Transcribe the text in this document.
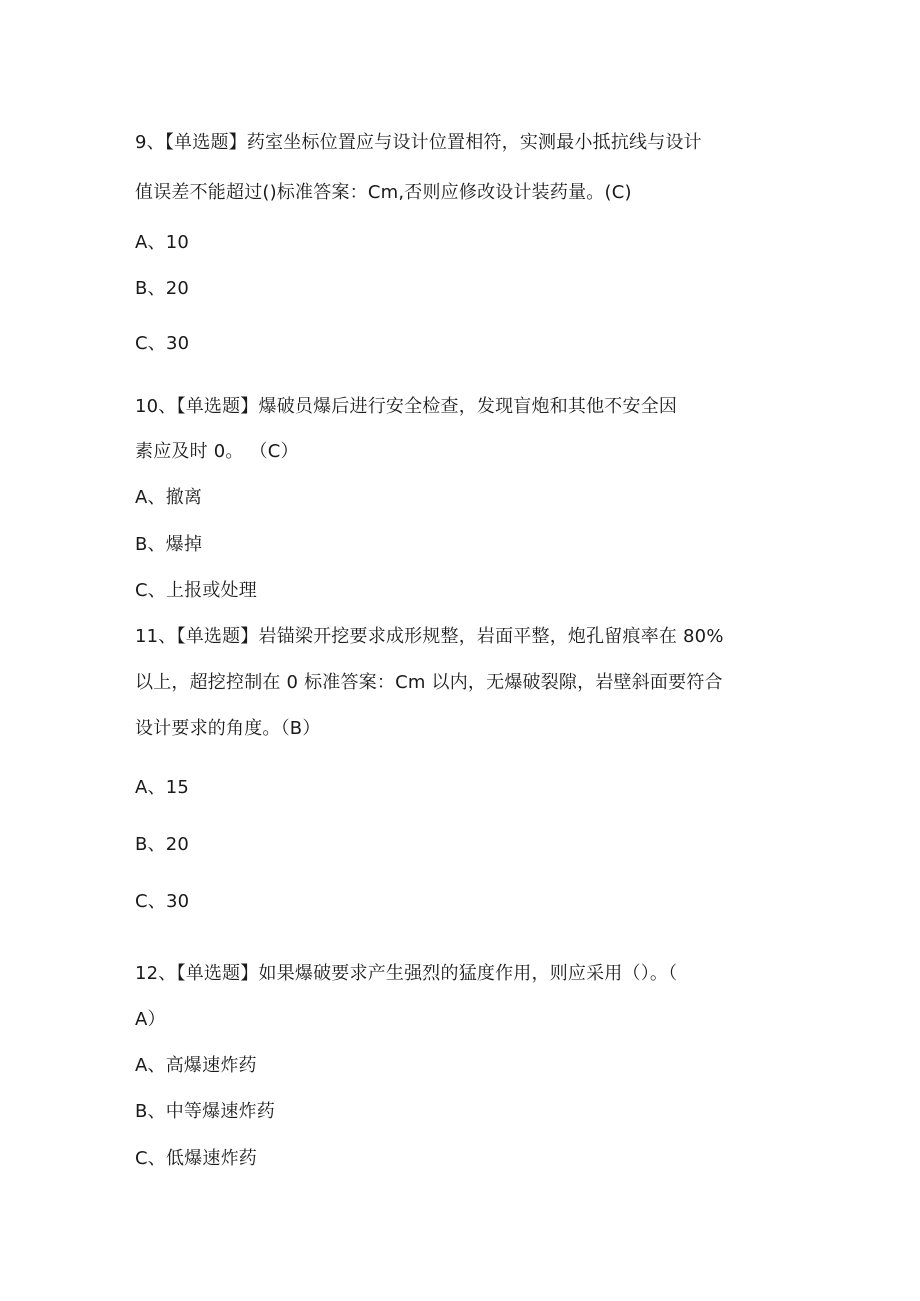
9、【单选题】药室坐标位置应与设计位置相符，实测最小抵抗线与设计
值误差不能超过()标准答案：Cm,否则应修改设计装药量。(C)
A、10
B、20
C、30
10、【单选题】爆破员爆后进行安全检查，发现盲炮和其他不安全因
素应及时 0。 （C）
A、撤离
B、爆掉
C、上报或处理
11、【单选题】岩锚梁开挖要求成形规整，岩面平整，炮孔留痕率在 80%
以上，超挖控制在 0 标准答案：Cm 以内，无爆破裂隙，岩壁斜面要符合
设计要求的角度。（B）
A、15
B、20
C、30
12、【单选题】如果爆破要求产生强烈的猛度作用，则应采用（）。（
A）
A、高爆速炸药
B、中等爆速炸药
C、低爆速炸药
